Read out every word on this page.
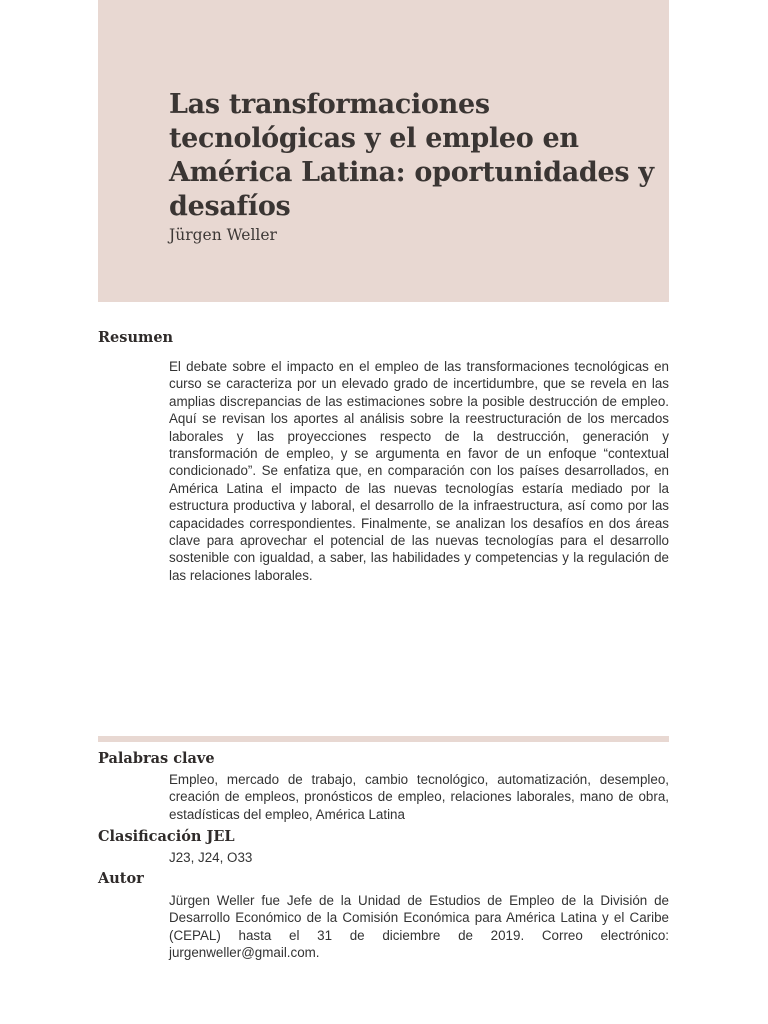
Las transformaciones tecnológicas y el empleo en América Latina: oportunidades y desafíos
Jürgen Weller
Resumen

El debate sobre el impacto en el empleo de las transformaciones tecnológicas en curso se caracteriza por un elevado grado de incertidumbre, que se revela en las amplias discrepancias de las estimaciones sobre la posible destrucción de empleo. Aquí se revisan los aportes al análisis sobre la reestructuración de los mercados laborales y las proyecciones respecto de la destrucción, generación y transformación de empleo, y se argumenta en favor de un enfoque “contextual condicionado”. Se enfatiza que, en comparación con los países desarrollados, en América Latina el impacto de las nuevas tecnologías estaría mediado por la estructura productiva y laboral, el desarrollo de la infraestructura, así como por las capacidades correspondientes. Finalmente, se analizan los desafíos en dos áreas clave para aprovechar el potencial de las nuevas tecnologías para el desarrollo sostenible con igualdad, a saber, las habilidades y competencias y la regulación de las relaciones laborales.

Palabras clave

Empleo, mercado de trabajo, cambio tecnológico, automatización, desempleo, creación de empleos, pronósticos de empleo, relaciones laborales, mano de obra, estadísticas del empleo, América Latina

Clasificación JEL

J23, J24, O33

Autor

Jürgen Weller fue Jefe de la Unidad de Estudios de Empleo de la División de Desarrollo Económico de la Comisión Económica para América Latina y el Caribe (CEPAL) hasta el 31 de diciembre de 2019. Correo electrónico: jurgenweller@gmail.com.
